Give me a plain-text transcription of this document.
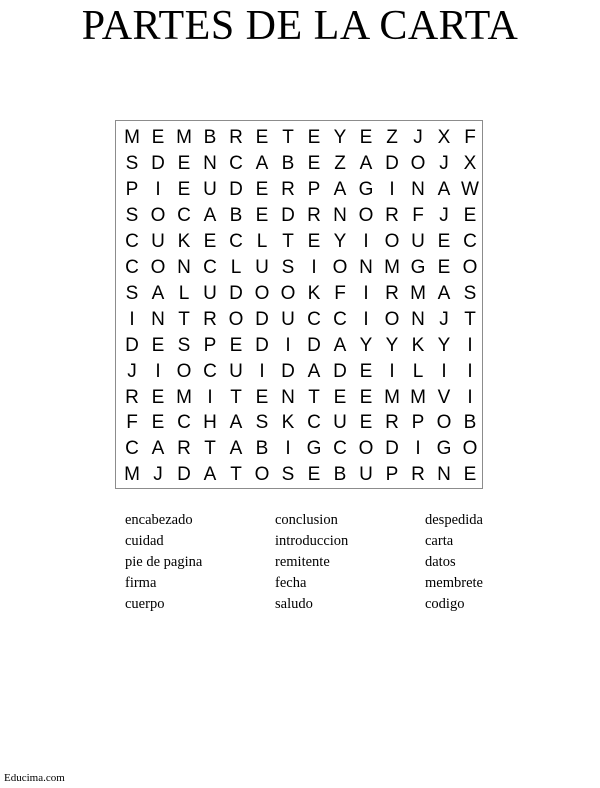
PARTES DE LA CARTA
M E M B R E T E Y E Z J X F
S D E N C A B E Z A D O J X
P I E U D E R P A G I N A W
S O C A B E D R N O R F J E
C U K E C L T E Y I O U E C
C O N C L U S I O N M G E O
S A L U D O O K F I R M A S
I N T R O D U C C I O N J T
D E S P E D I D A Y Y K Y I
J I O C U I D A D E I L I	I
R E M I T E N T E E M M V I
F E C H A S K C U E R P O B
C A R T A B I G C O D I G O
M J D A T O S E B U P R N E
encabezado
cuidad
pie de pagina
firma
cuerpo
conclusion
introduccion
remitente
fecha
saludo
despedida
carta
datos
membrete
codigo
Educima.com
